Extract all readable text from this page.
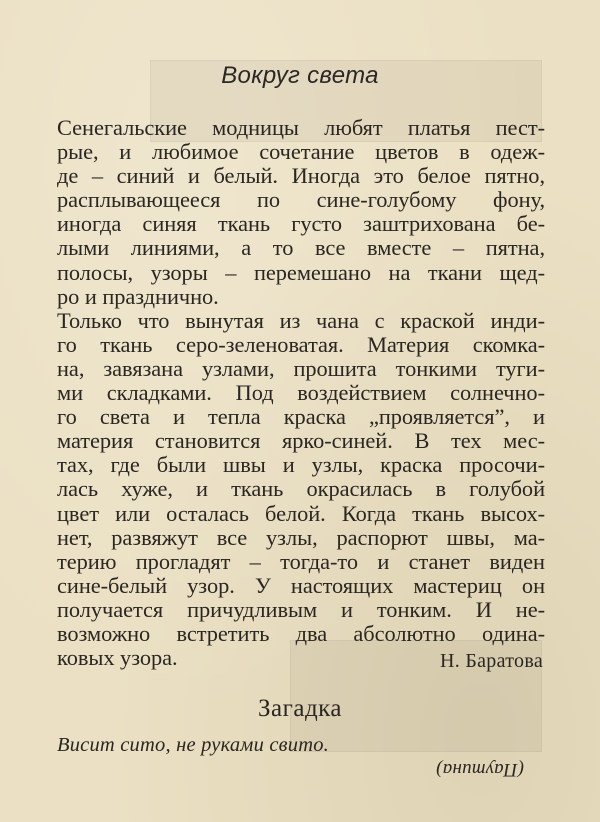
Вокруг света
Сенегальские модницы любят платья пест-
рые, и любимое сочетание цветов в одеж-
де – синий и белый. Иногда это белое пятно,
расплывающееся по сине-голубому фону,
иногда синяя ткань густо заштрихована бе-
лыми линиями, а то все вместе – пятна,
полосы, узоры – перемешано на ткани щед-
ро и празднично.
Только что вынутая из чана с краской инди-
го ткань серо-зеленоватая. Материя скомка-
на, завязана узлами, прошита тонкими туги-
ми складками. Под воздействием солнечно-
го света и тепла краска „проявляется”, и
материя становится ярко-синей. В тех мес-
тах, где были швы и узлы, краска просочи-
лась хуже, и ткань окрасилась в голубой
цвет или осталась белой. Когда ткань высох-
нет, развяжут все узлы, распорют швы, ма-
терию прогладят – тогда-то и станет виден
сине-белый узор. У настоящих мастериц он
получается причудливым и тонким. И не-
возможно встретить два абсолютно одина-
ковых узора.	Н. Баратова
Загадка
Висит сито, не руками свито.
(Паутина)
